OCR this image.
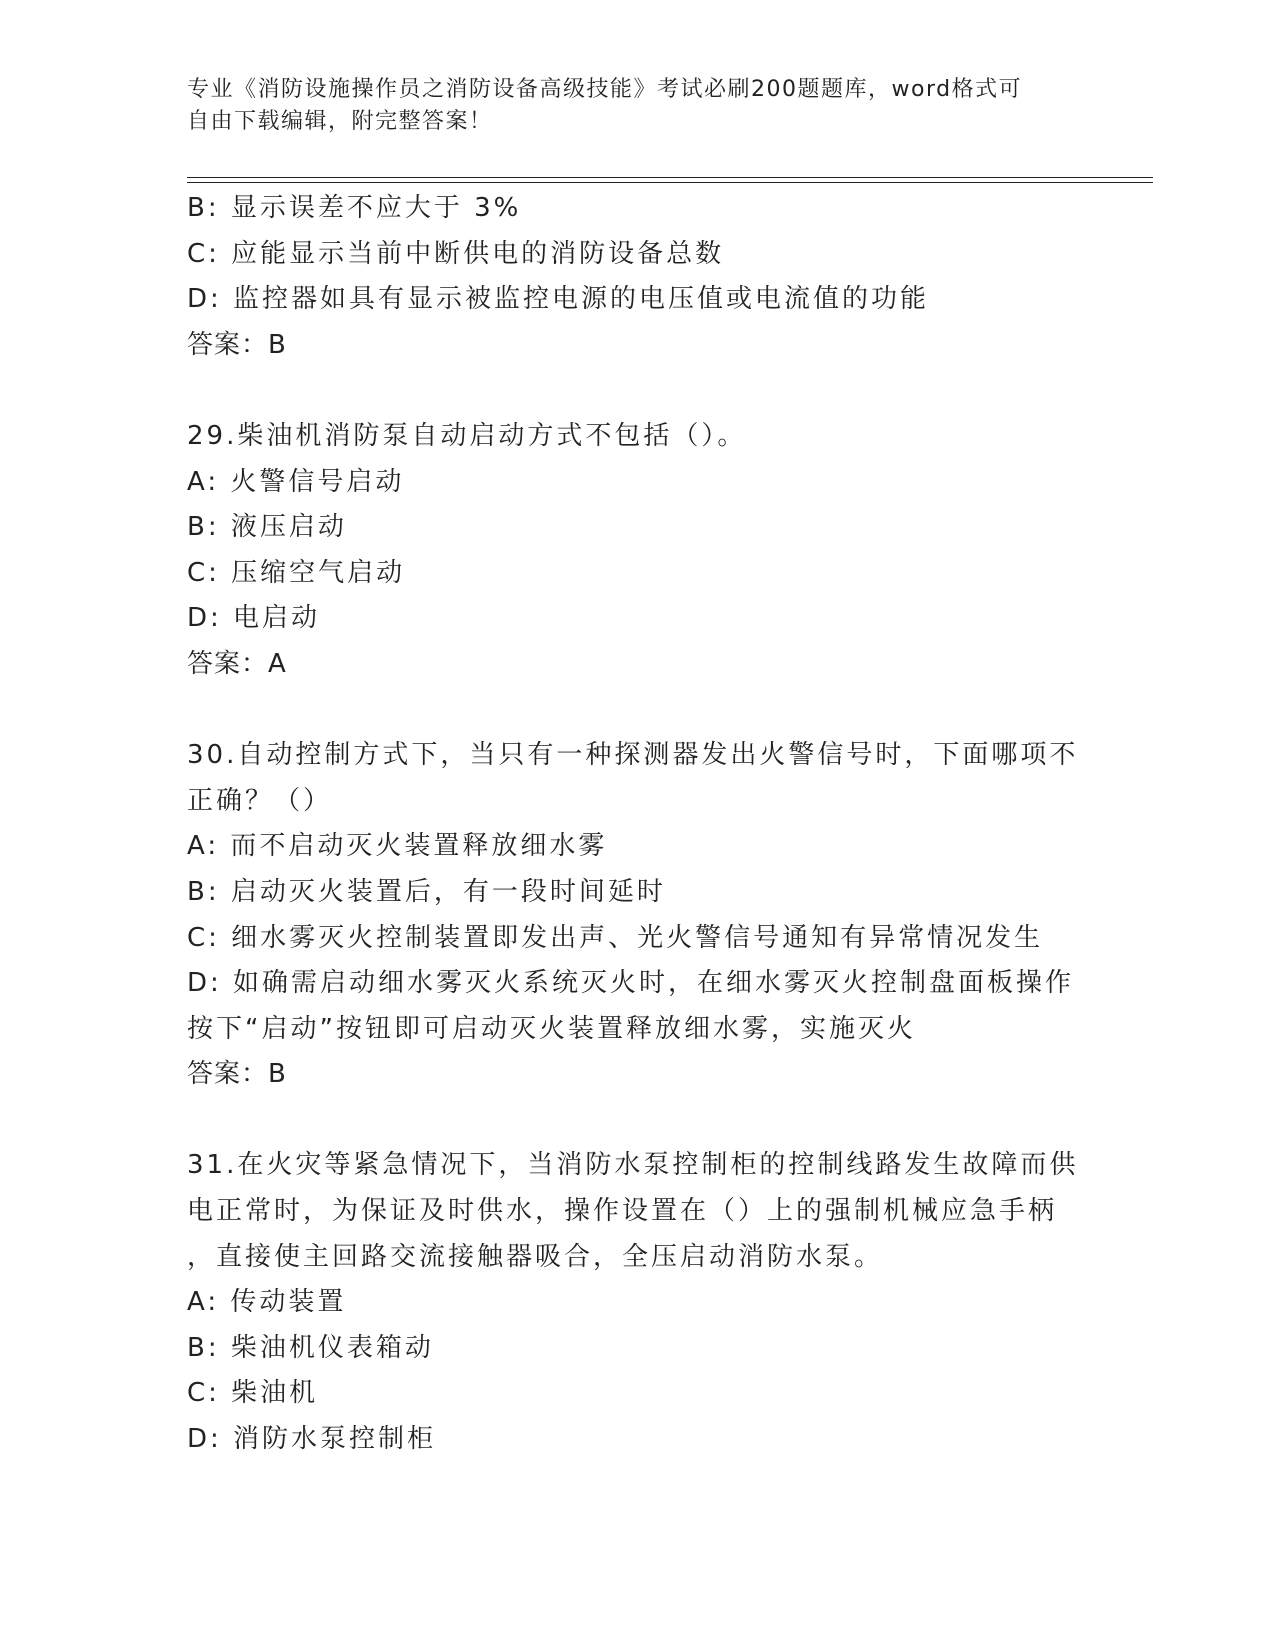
专业《消防设施操作员之消防设备高级技能》考试必刷200题题库，word格式可
自由下载编辑，附完整答案！

B: 显示误差不应大于 3%

C: 应能显示当前中断供电的消防设备总数

D: 监控器如具有显示被监控电源的电压值或电流值的功能

答案：B

29.柴油机消防泵自动启动方式不包括（）。

A: 火警信号启动

B: 液压启动

C: 压缩空气启动

D: 电启动

答案：A

30.自动控制方式下，当只有一种探测器发出火警信号时，下面哪项不

正确？（）

A: 而不启动灭火装置释放细水雾

B: 启动灭火装置后，有一段时间延时

C: 细水雾灭火控制装置即发出声、光火警信号通知有异常情况发生

D: 如确需启动细水雾灭火系统灭火时，在细水雾灭火控制盘面板操作

按下“启动”按钮即可启动灭火装置释放细水雾，实施灭火

答案：B

31.在火灾等紧急情况下，当消防水泵控制柜的控制线路发生故障而供

电正常时，为保证及时供水，操作设置在（）上的强制机械应急手柄

，直接使主回路交流接触器吸合，全压启动消防水泵。

A: 传动装置

B: 柴油机仪表箱动

C: 柴油机

D: 消防水泵控制柜
